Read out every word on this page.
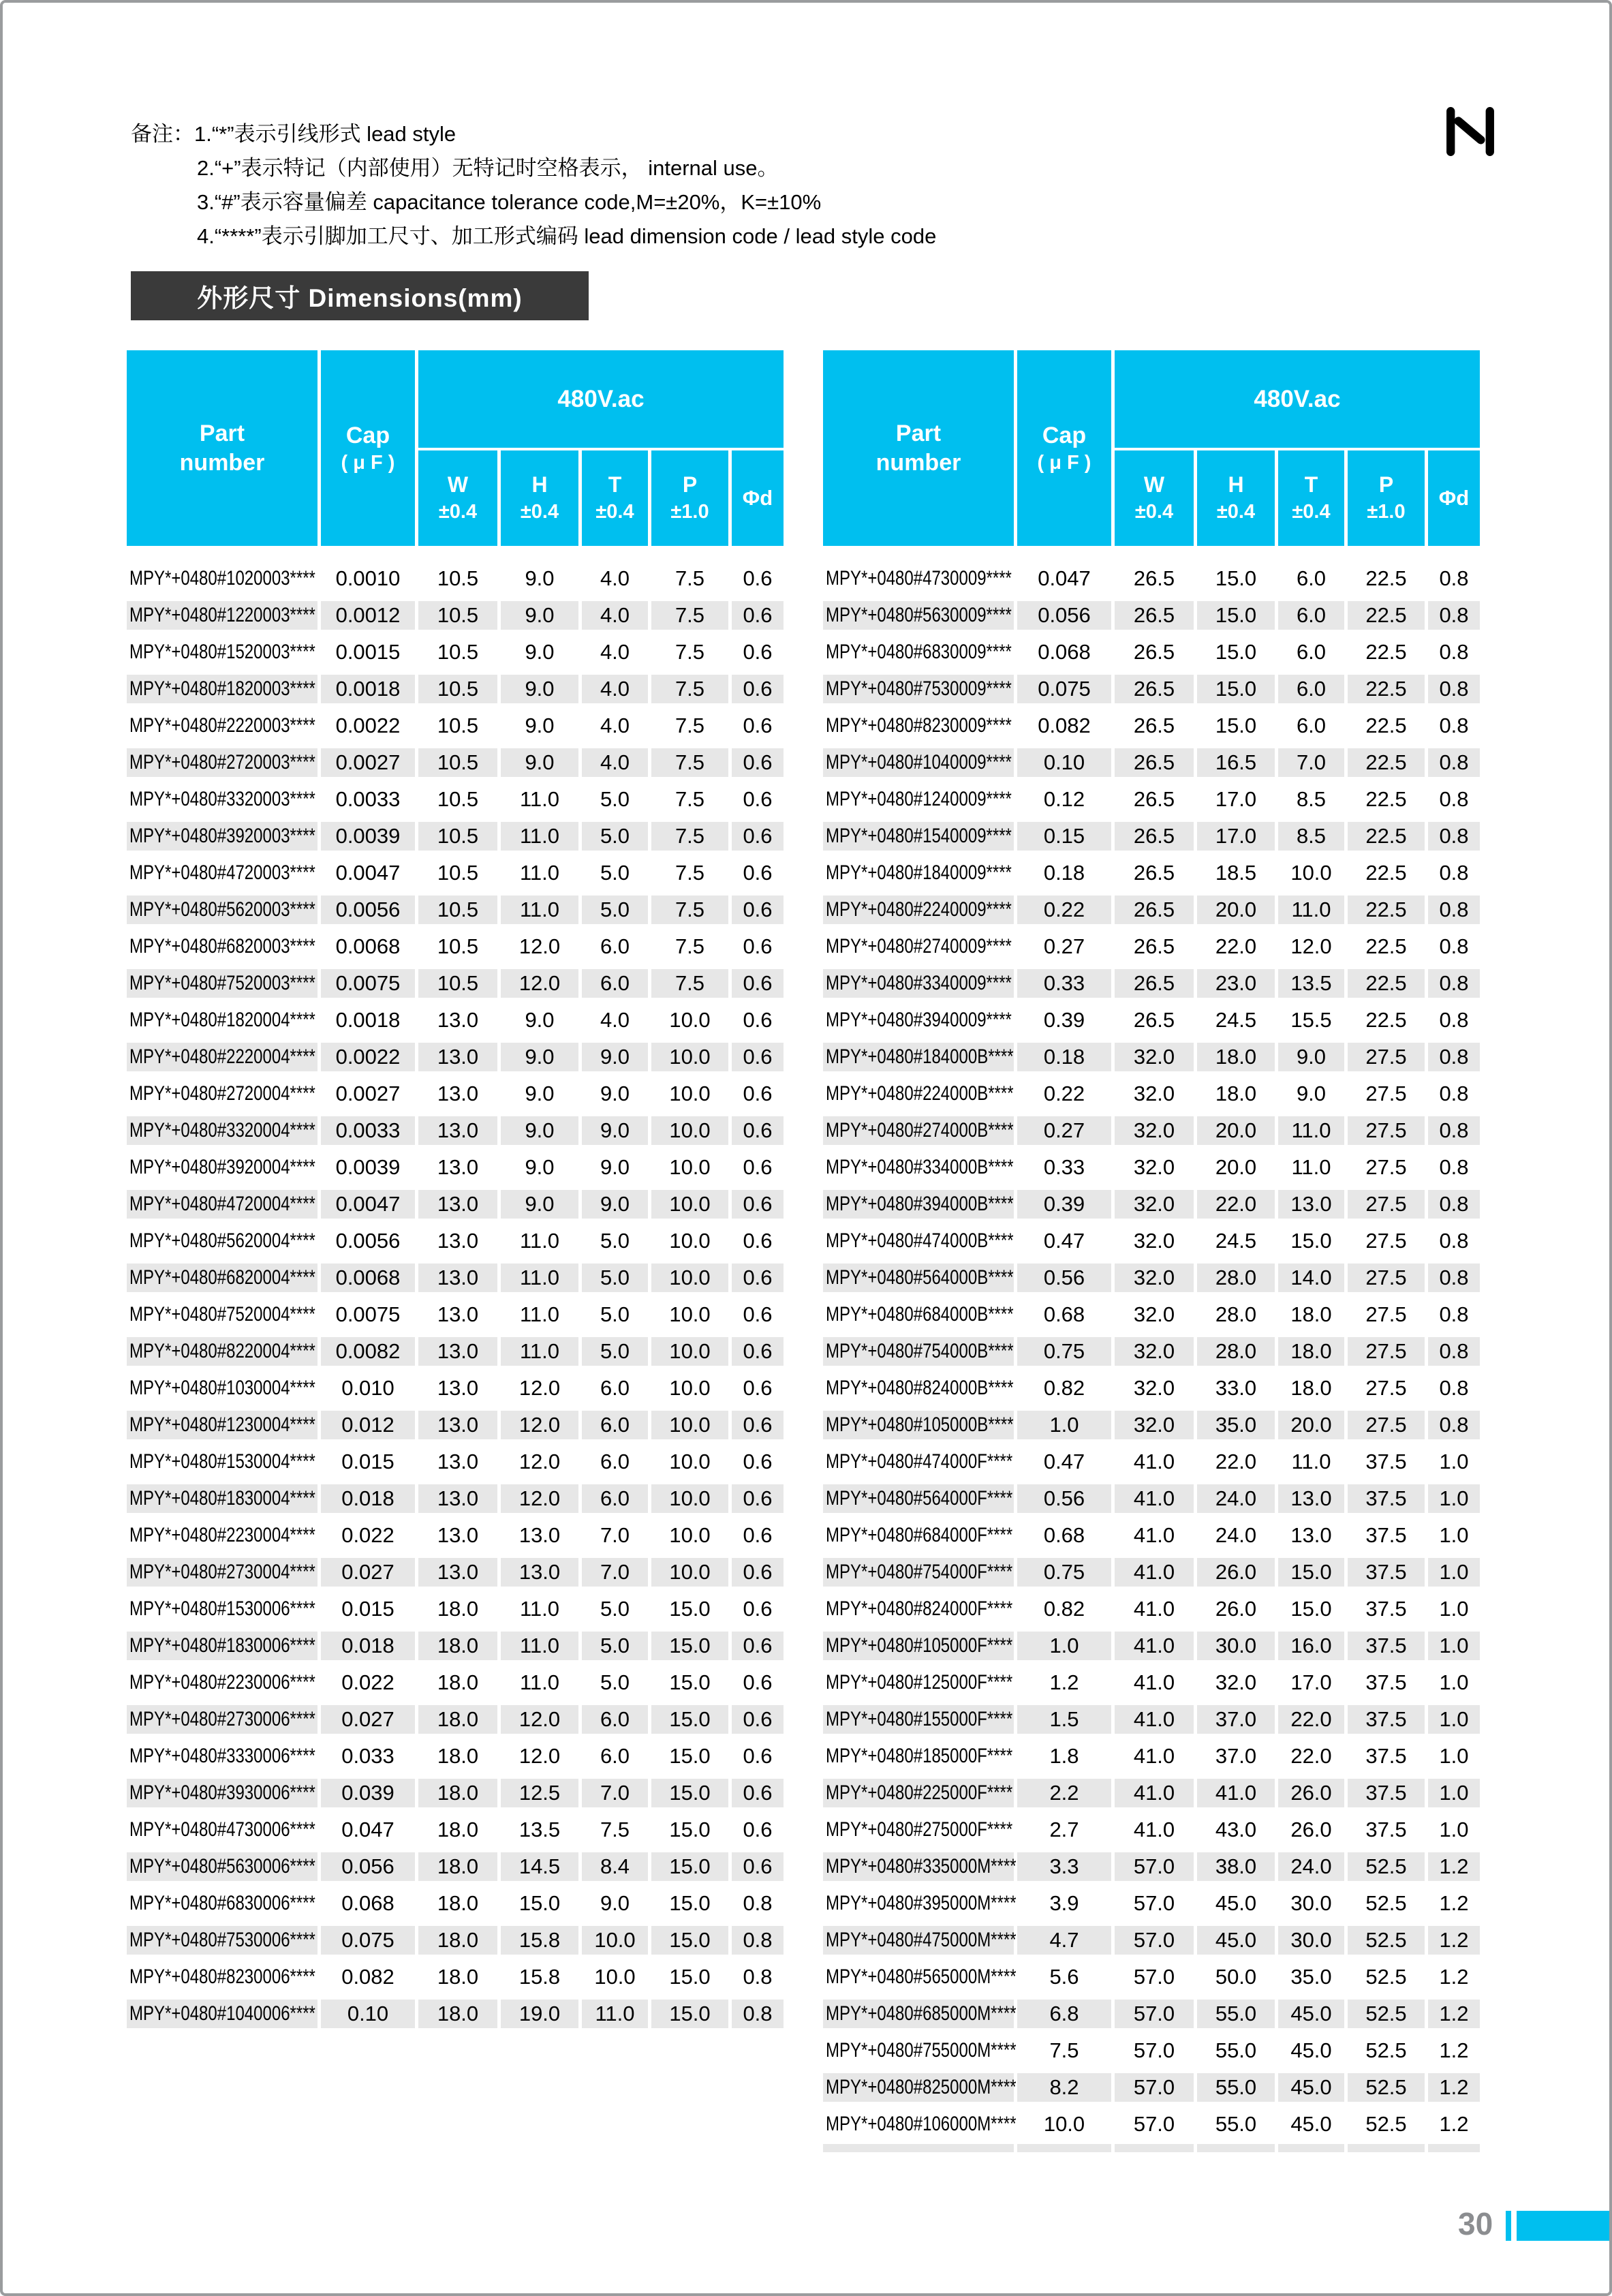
备注：1.“*”表示引线形式 lead style
2.“+”表示特记（内部使用）无特记时空格表示， internal use。
3.“#”表示容量偏差 capacitance tolerance code,M=±20%，K=±10%
4.“****”表示引脚加工尺寸、加工形式编码 lead dimension code / lead style code
外形尺寸 Dimensions(mm)
Part
number
Cap
( μ F )
480V.ac
W
±0.4
H
±0.4
T
±0.4
P
±1.0
Φd
MPY*+0480#1020003**** 0.0010 10.5 9.0 4.0 7.5 0.6
MPY*+0480#1220003**** 0.0012 10.5 9.0 4.0 7.5 0.6
MPY*+0480#1520003**** 0.0015 10.5 9.0 4.0 7.5 0.6
MPY*+0480#1820003**** 0.0018 10.5 9.0 4.0 7.5 0.6
MPY*+0480#2220003**** 0.0022 10.5 9.0 4.0 7.5 0.6
MPY*+0480#2720003**** 0.0027 10.5 9.0 4.0 7.5 0.6
MPY*+0480#3320003**** 0.0033 10.5 11.0 5.0 7.5 0.6
MPY*+0480#3920003**** 0.0039 10.5 11.0 5.0 7.5 0.6
MPY*+0480#4720003**** 0.0047 10.5 11.0 5.0 7.5 0.6
MPY*+0480#5620003**** 0.0056 10.5 11.0 5.0 7.5 0.6
MPY*+0480#6820003**** 0.0068 10.5 12.0 6.0 7.5 0.6
MPY*+0480#7520003**** 0.0075 10.5 12.0 6.0 7.5 0.6
MPY*+0480#1820004**** 0.0018 13.0 9.0 4.0 10.0 0.6
MPY*+0480#2220004**** 0.0022 13.0 9.0 9.0 10.0 0.6
MPY*+0480#2720004**** 0.0027 13.0 9.0 9.0 10.0 0.6
MPY*+0480#3320004**** 0.0033 13.0 9.0 9.0 10.0 0.6
MPY*+0480#3920004**** 0.0039 13.0 9.0 9.0 10.0 0.6
MPY*+0480#4720004**** 0.0047 13.0 9.0 9.0 10.0 0.6
MPY*+0480#5620004**** 0.0056 13.0 11.0 5.0 10.0 0.6
MPY*+0480#6820004**** 0.0068 13.0 11.0 5.0 10.0 0.6
MPY*+0480#7520004**** 0.0075 13.0 11.0 5.0 10.0 0.6
MPY*+0480#8220004**** 0.0082 13.0 11.0 5.0 10.0 0.6
MPY*+0480#1030004**** 0.010 13.0 12.0 6.0 10.0 0.6
MPY*+0480#1230004**** 0.012 13.0 12.0 6.0 10.0 0.6
MPY*+0480#1530004**** 0.015 13.0 12.0 6.0 10.0 0.6
MPY*+0480#1830004**** 0.018 13.0 12.0 6.0 10.0 0.6
MPY*+0480#2230004**** 0.022 13.0 13.0 7.0 10.0 0.6
MPY*+0480#2730004**** 0.027 13.0 13.0 7.0 10.0 0.6
MPY*+0480#1530006**** 0.015 18.0 11.0 5.0 15.0 0.6
MPY*+0480#1830006**** 0.018 18.0 11.0 5.0 15.0 0.6
MPY*+0480#2230006**** 0.022 18.0 11.0 5.0 15.0 0.6
MPY*+0480#2730006**** 0.027 18.0 12.0 6.0 15.0 0.6
MPY*+0480#3330006**** 0.033 18.0 12.0 6.0 15.0 0.6
MPY*+0480#3930006**** 0.039 18.0 12.5 7.0 15.0 0.6
MPY*+0480#4730006**** 0.047 18.0 13.5 7.5 15.0 0.6
MPY*+0480#5630006**** 0.056 18.0 14.5 8.4 15.0 0.6
MPY*+0480#6830006**** 0.068 18.0 15.0 9.0 15.0 0.8
MPY*+0480#7530006**** 0.075 18.0 15.8 10.0 15.0 0.8
MPY*+0480#8230006**** 0.082 18.0 15.8 10.0 15.0 0.8
MPY*+0480#1040006**** 0.10 18.0 19.0 11.0 15.0 0.8
Part
number
Cap
( μ F )
480V.ac
W
±0.4
H
±0.4
T
±0.4
P
±1.0
Φd
MPY*+0480#4730009**** 0.047 26.5 15.0 6.0 22.5 0.8
MPY*+0480#5630009**** 0.056 26.5 15.0 6.0 22.5 0.8
MPY*+0480#6830009**** 0.068 26.5 15.0 6.0 22.5 0.8
MPY*+0480#7530009**** 0.075 26.5 15.0 6.0 22.5 0.8
MPY*+0480#8230009**** 0.082 26.5 15.0 6.0 22.5 0.8
MPY*+0480#1040009**** 0.10 26.5 16.5 7.0 22.5 0.8
MPY*+0480#1240009**** 0.12 26.5 17.0 8.5 22.5 0.8
MPY*+0480#1540009**** 0.15 26.5 17.0 8.5 22.5 0.8
MPY*+0480#1840009**** 0.18 26.5 18.5 10.0 22.5 0.8
MPY*+0480#2240009**** 0.22 26.5 20.0 11.0 22.5 0.8
MPY*+0480#2740009**** 0.27 26.5 22.0 12.0 22.5 0.8
MPY*+0480#3340009**** 0.33 26.5 23.0 13.5 22.5 0.8
MPY*+0480#3940009**** 0.39 26.5 24.5 15.5 22.5 0.8
MPY*+0480#184000B**** 0.18 32.0 18.0 9.0 27.5 0.8
MPY*+0480#224000B**** 0.22 32.0 18.0 9.0 27.5 0.8
MPY*+0480#274000B**** 0.27 32.0 20.0 11.0 27.5 0.8
MPY*+0480#334000B**** 0.33 32.0 20.0 11.0 27.5 0.8
MPY*+0480#394000B**** 0.39 32.0 22.0 13.0 27.5 0.8
MPY*+0480#474000B**** 0.47 32.0 24.5 15.0 27.5 0.8
MPY*+0480#564000B**** 0.56 32.0 28.0 14.0 27.5 0.8
MPY*+0480#684000B**** 0.68 32.0 28.0 18.0 27.5 0.8
MPY*+0480#754000B**** 0.75 32.0 28.0 18.0 27.5 0.8
MPY*+0480#824000B**** 0.82 32.0 33.0 18.0 27.5 0.8
MPY*+0480#105000B**** 1.0	32.0 35.0 20.0 27.5 0.8
MPY*+0480#474000F**** 0.47 41.0 22.0 11.0 37.5 1.0
MPY*+0480#564000F**** 0.56 41.0 24.0 13.0 37.5 1.0
MPY*+0480#684000F**** 0.68 41.0 24.0 13.0 37.5 1.0
MPY*+0480#754000F**** 0.75 41.0 26.0 15.0 37.5 1.0
MPY*+0480#824000F**** 0.82 41.0 26.0 15.0 37.5 1.0
MPY*+0480#105000F**** 1.0	41.0 30.0 16.0 37.5 1.0
MPY*+0480#125000F**** 1.2	41.0 32.0 17.0 37.5 1.0
MPY*+0480#155000F**** 1.5	41.0 37.0 22.0 37.5 1.0
MPY*+0480#185000F**** 1.8	41.0 37.0 22.0 37.5 1.0
MPY*+0480#225000F**** 2.2	41.0 41.0 26.0 37.5 1.0
MPY*+0480#275000F**** 2.7	41.0 43.0 26.0 37.5 1.0
MPY*+0480#335000M**** 3.3	57.0 38.0 24.0 52.5 1.2
MPY*+0480#395000M**** 3.9	57.0 45.0 30.0 52.5 1.2
MPY*+0480#475000M**** 4.7	57.0 45.0 30.0 52.5 1.2
MPY*+0480#565000M**** 5.6	57.0 50.0 35.0 52.5 1.2
MPY*+0480#685000M**** 6.8	57.0 55.0 45.0 52.5 1.2
MPY*+0480#755000M**** 7.5	57.0 55.0 45.0 52.5 1.2
MPY*+0480#825000M**** 8.2	57.0 55.0 45.0 52.5 1.2
MPY*+0480#106000M**** 10.0 57.0 55.0 45.0 52.5 1.2
30
